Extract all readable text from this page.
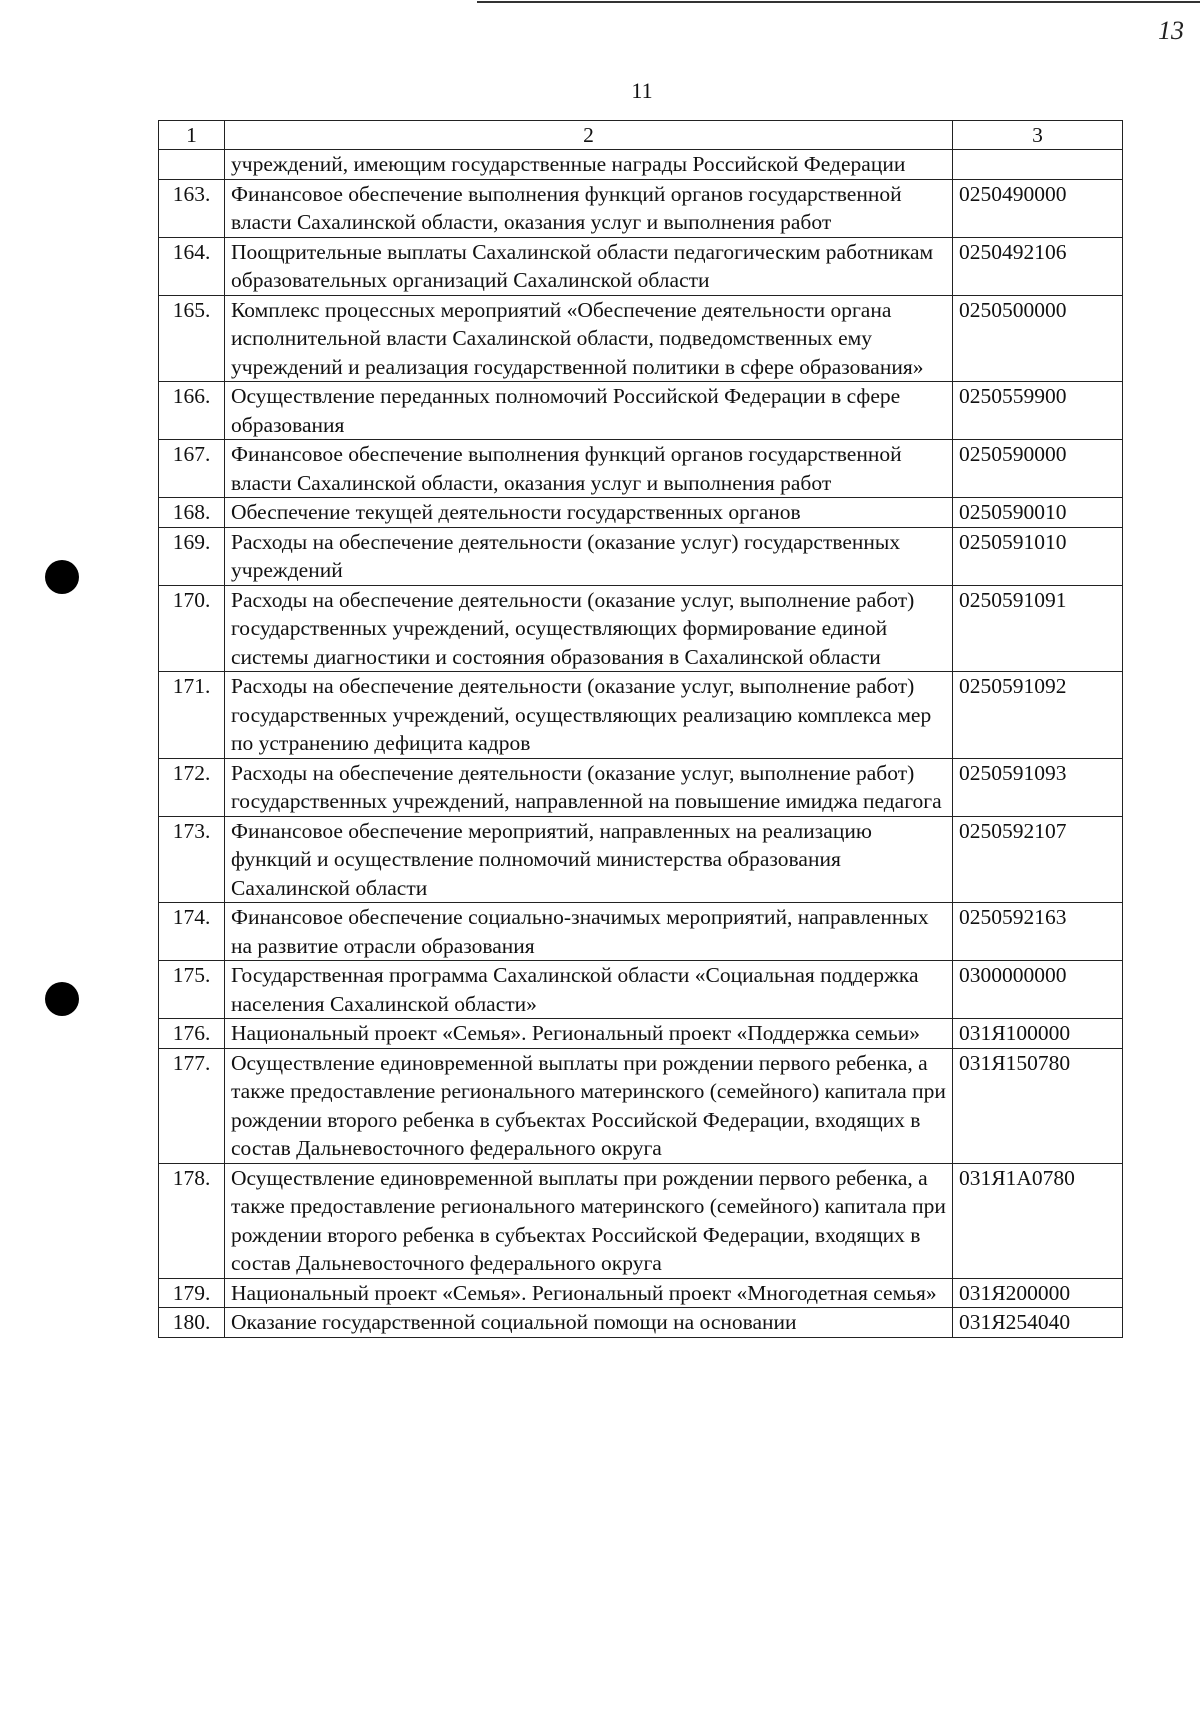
13
11
1	2	3
	учреждений, имеющим государственные награды Российской Федерации	
163.	Финансовое обеспечение выполнения функций органов государственной власти Сахалинской области, оказания услуг и выполнения работ	0250490000
164.	Поощрительные выплаты Сахалинской области педагогическим работникам образовательных организаций Сахалинской области	0250492106
165.	Комплекс процессных мероприятий «Обеспечение деятельности органа исполнительной власти Сахалинской области, подведомственных ему учреждений и реализация государственной политики в сфере образования»	0250500000
166.	Осуществление переданных полномочий Российской Федерации в сфере образования	0250559900
167.	Финансовое обеспечение выполнения функций органов государственной власти Сахалинской области, оказания услуг и выполнения работ	0250590000
168.	Обеспечение текущей деятельности государственных органов	0250590010
169.	Расходы на обеспечение деятельности (оказание услуг) государственных учреждений	0250591010
170.	Расходы на обеспечение деятельности (оказание услуг, выполнение работ) государственных учреждений, осуществляющих формирование единой системы диагностики и состояния образования в Сахалинской области	0250591091
171.	Расходы на обеспечение деятельности (оказание услуг, выполнение работ) государственных учреждений, осуществляющих реализацию комплекса мер по устранению дефицита кадров	0250591092
172.	Расходы на обеспечение деятельности (оказание услуг, выполнение работ) государственных учреждений, направленной на повышение имиджа педагога	0250591093
173.	Финансовое обеспечение мероприятий, направленных на реализацию функций и осуществление полномочий министерства образования Сахалинской области	0250592107
174.	Финансовое обеспечение социально-значимых мероприятий, направленных на развитие отрасли образования	0250592163
175.	Государственная программа Сахалинской области «Социальная поддержка населения Сахалинской области»	0300000000
176.	Национальный проект «Семья». Региональный проект «Поддержка семьи»	031Я100000
177.	Осуществление единовременной выплаты при рождении первого ребенка, а также предоставление регионального материнского (семейного) капитала при рождении второго ребенка в субъектах Российской Федерации, входящих в состав Дальневосточного федерального округа	031Я150780
178.	Осуществление единовременной выплаты при рождении первого ребенка, а также предоставление регионального материнского (семейного) капитала при рождении второго ребенка в субъектах Российской Федерации, входящих в состав Дальневосточного федерального округа	031Я1А0780
179.	Национальный проект «Семья». Региональный проект «Многодетная семья»	031Я200000
180.	Оказание государственной социальной помощи на основании	031Я254040
